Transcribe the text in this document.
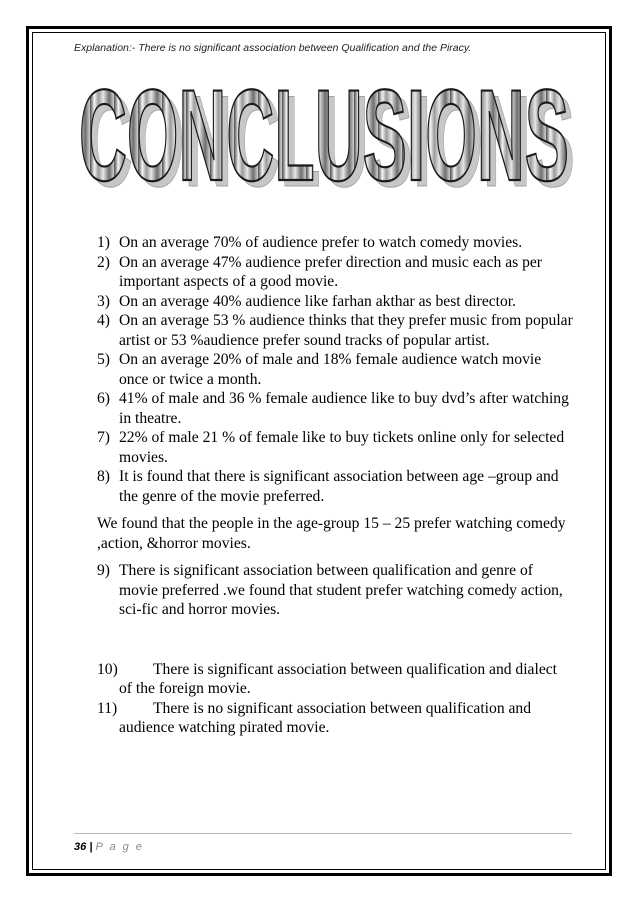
Explanation:- There is no significant association between Qualification and the Piracy.
CONCLUSIONS
CONCLUSIONS
1) On an average 70% of audience prefer to watch comedy movies.
2) On an average 47% audience prefer direction and music each as per important aspects of a good movie.
3) On an average 40% audience like farhan akthar as best director.
4) On an average 53 % audience thinks that they prefer music from popular artist or 53 %audience prefer sound tracks of popular artist.
5) On an average 20% of male and 18% female audience watch movie once or twice a month.
6) 41% of male and 36 % female audience like to buy dvd’s after watching in theatre.
7) 22% of male 21 % of female like to buy tickets online only for selected movies.
8) It is found that there is significant association between age –group and the genre of the movie preferred.
We found that the people in the age-group 15 – 25 prefer watching comedy ,action, &horror movies.
9) There is significant association between qualification and genre of movie preferred .we found that student prefer watching comedy action, sci-fic and horror movies.
10) There is significant association between qualification and dialect of the foreign movie.
11) There is no significant association between qualification and audience watching pirated movie.
36 | P a g e
